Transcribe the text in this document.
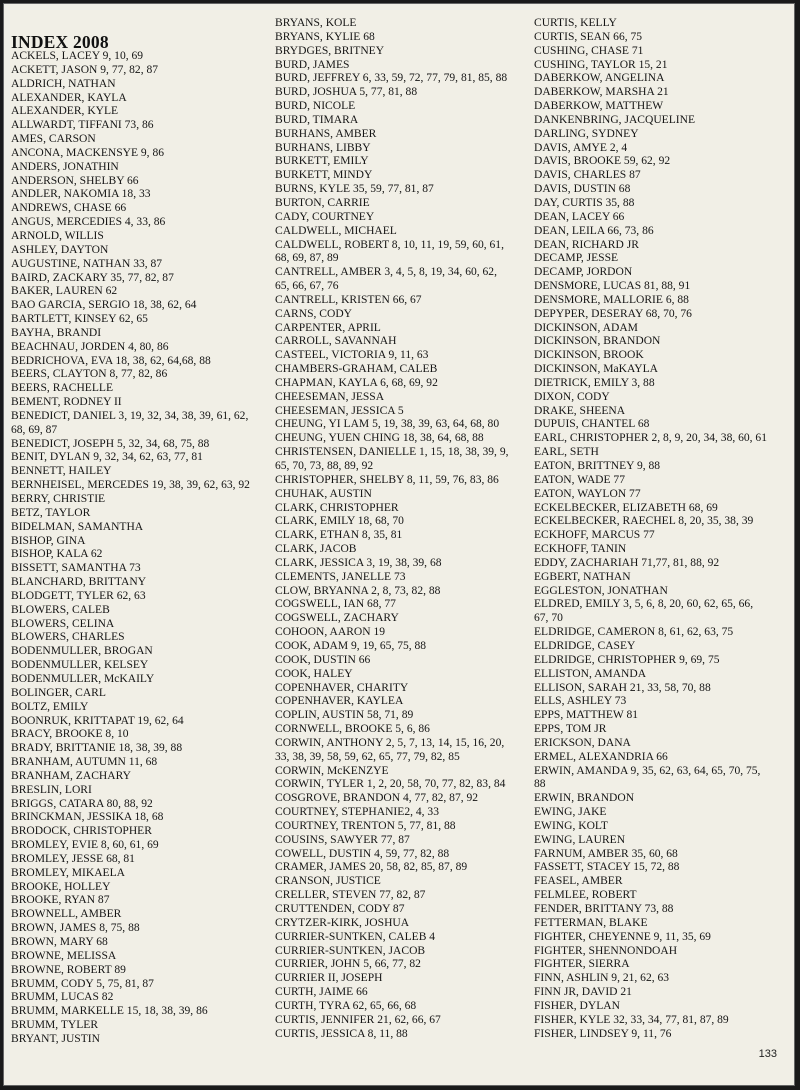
INDEX 2008
ACKELS, LACEY 9, 10, 69
ACKETT, JASON 9, 77, 82, 87
ALDRICH, NATHAN
ALEXANDER, KAYLA
ALEXANDER, KYLE
ALLWARDT, TIFFANI 73, 86
AMES, CARSON
ANCONA, MACKENSYE 9, 86
ANDERS, JONATHIN
ANDERSON, SHELBY 66
ANDLER, NAKOMIA 18, 33
ANDREWS, CHASE 66
ANGUS, MERCEDIES 4, 33, 86
ARNOLD, WILLIS
ASHLEY, DAYTON
AUGUSTINE, NATHAN 33, 87
BAIRD, ZACKARY 35, 77, 82, 87
BAKER, LAUREN 62
BAO GARCIA, SERGIO 18, 38, 62, 64
BARTLETT, KINSEY 62, 65
BAYHA, BRANDI
BEACHNAU, JORDEN 4, 80, 86
BEDRICHOVA, EVA 18, 38, 62, 64,68, 88
BEERS, CLAYTON 8, 77, 82, 86
BEERS, RACHELLE
BEMENT, RODNEY II
BENEDICT, DANIEL 3, 19, 32, 34, 38, 39, 61, 62,
68, 69, 87
BENEDICT, JOSEPH 5, 32, 34, 68, 75, 88
BENIT, DYLAN 9, 32, 34, 62, 63, 77, 81
BENNETT, HAILEY
BERNHEISEL, MERCEDES 19, 38, 39, 62, 63, 92
BERRY, CHRISTIE
BETZ, TAYLOR
BIDELMAN, SAMANTHA
BISHOP, GINA
BISHOP, KALA 62
BISSETT, SAMANTHA 73
BLANCHARD, BRITTANY
BLODGETT, TYLER 62, 63
BLOWERS, CALEB
BLOWERS, CELINA
BLOWERS, CHARLES
BODENMULLER, BROGAN
BODENMULLER, KELSEY
BODENMULLER, McKAILY
BOLINGER, CARL
BOLTZ, EMILY
BOONRUK, KRITTAPAT 19, 62, 64
BRACY, BROOKE 8, 10
BRADY, BRITTANIE 18, 38, 39, 88
BRANHAM, AUTUMN 11, 68
BRANHAM, ZACHARY
BRESLIN, LORI
BRIGGS, CATARA 80, 88, 92
BRINCKMAN, JESSIKA 18, 68
BRODOCK, CHRISTOPHER
BROMLEY, EVIE 8, 60, 61, 69
BROMLEY, JESSE 68, 81
BROMLEY, MIKAELA
BROOKE, HOLLEY
BROOKE, RYAN 87
BROWNELL, AMBER
BROWN, JAMES 8, 75, 88
BROWN, MARY 68
BROWNE, MELISSA
BROWNE, ROBERT 89
BRUMM, CODY 5, 75, 81, 87
BRUMM, LUCAS 82
BRUMM, MARKELLE 15, 18, 38, 39, 86
BRUMM, TYLER
BRYANT, JUSTIN
BRYANS, KOLE
BRYANS, KYLIE 68
BRYDGES, BRITNEY
BURD, JAMES
BURD, JEFFREY 6, 33, 59, 72, 77, 79, 81, 85, 88
BURD, JOSHUA 5, 77, 81, 88
BURD, NICOLE
BURD, TIMARA
BURHANS, AMBER
BURHANS, LIBBY
BURKETT, EMILY
BURKETT, MINDY
BURNS, KYLE 35, 59, 77, 81, 87
BURTON, CARRIE
CADY, COURTNEY
CALDWELL, MICHAEL
CALDWELL, ROBERT 8, 10, 11, 19, 59, 60, 61,
68, 69, 87, 89
CANTRELL, AMBER 3, 4, 5, 8, 19, 34, 60, 62,
65, 66, 67, 76
CANTRELL, KRISTEN 66, 67
CARNS, CODY
CARPENTER, APRIL
CARROLL, SAVANNAH
CASTEEL, VICTORIA 9, 11, 63
CHAMBERS-GRAHAM, CALEB
CHAPMAN, KAYLA 6, 68, 69, 92
CHEESEMAN, JESSA
CHEESEMAN, JESSICA 5
CHEUNG, YI LAM 5, 19, 38, 39, 63, 64, 68, 80
CHEUNG, YUEN CHING 18, 38, 64, 68, 88
CHRISTENSEN, DANIELLE 1, 15, 18, 38, 39, 9,
65, 70, 73, 88, 89, 92
CHRISTOPHER, SHELBY 8, 11, 59, 76, 83, 86
CHUHAK, AUSTIN
CLARK, CHRISTOPHER
CLARK, EMILY 18, 68, 70
CLARK, ETHAN 8, 35, 81
CLARK, JACOB
CLARK, JESSICA 3, 19, 38, 39, 68
CLEMENTS, JANELLE 73
CLOW, BRYANNA 2, 8, 73, 82, 88
COGSWELL, IAN 68, 77
COGSWELL, ZACHARY
COHOON, AARON 19
COOK, ADAM 9, 19, 65, 75, 88
COOK, DUSTIN 66
COOK, HALEY
COPENHAVER, CHARITY
COPENHAVER, KAYLEA
COPLIN, AUSTIN 58, 71, 89
CORNWELL, BROOKE 5, 6, 86
CORWIN, ANTHONY 2, 5, 7, 13, 14, 15, 16, 20,
33, 38, 39, 58, 59, 62, 65, 77, 79, 82, 85
CORWIN, McKENZYE
CORWIN, TYLER 1, 2, 20, 58, 70, 77, 82, 83, 84
COSGROVE, BRANDON 4, 77, 82, 87, 92
COURTNEY, STEPHANIE2, 4, 33
COURTNEY, TRENTON 5, 77, 81, 88
COUSINS, SAWYER 77, 87
COWELL, DUSTIN 4, 59, 77, 82, 88
CRAMER, JAMES 20, 58, 82, 85, 87, 89
CRANSON, JUSTICE
CRELLER, STEVEN 77, 82, 87
CRUTTENDEN, CODY 87
CRYTZER-KIRK, JOSHUA
CURRIER-SUNTKEN, CALEB 4
CURRIER-SUNTKEN, JACOB
CURRIER, JOHN 5, 66, 77, 82
CURRIER II, JOSEPH
CURTH, JAIME 66
CURTH, TYRA 62, 65, 66, 68
CURTIS, JENNIFER 21, 62, 66, 67
CURTIS, JESSICA 8, 11, 88
CURTIS, KELLY
CURTIS, SEAN 66, 75
CUSHING, CHASE 71
CUSHING, TAYLOR 15, 21
DABERKOW, ANGELINA
DABERKOW, MARSHA 21
DABERKOW, MATTHEW
DANKENBRING, JACQUELINE
DARLING, SYDNEY
DAVIS, AMYE 2, 4
DAVIS, BROOKE 59, 62, 92
DAVIS, CHARLES 87
DAVIS, DUSTIN 68
DAY, CURTIS 35, 88
DEAN, LACEY 66
DEAN, LEILA 66, 73, 86
DEAN, RICHARD JR
DECAMP, JESSE
DECAMP, JORDON
DENSMORE, LUCAS 81, 88, 91
DENSMORE, MALLORIE 6, 88
DEPYPER, DESERAY 68, 70, 76
DICKINSON, ADAM
DICKINSON, BRANDON
DICKINSON, BROOK
DICKINSON, MaKAYLA
DIETRICK, EMILY 3, 88
DIXON, CODY
DRAKE, SHEENA
DUPUIS, CHANTEL 68
EARL, CHRISTOPHER 2, 8, 9, 20, 34, 38, 60, 61
EARL, SETH
EATON, BRITTNEY 9, 88
EATON, WADE 77
EATON, WAYLON 77
ECKELBECKER, ELIZABETH 68, 69
ECKELBECKER, RAECHEL 8, 20, 35, 38, 39
ECKHOFF, MARCUS 77
ECKHOFF, TANIN
EDDY, ZACHARIAH 71,77, 81, 88, 92
EGBERT, NATHAN
EGGLESTON, JONATHAN
ELDRED, EMILY 3, 5, 6, 8, 20, 60, 62, 65, 66,
67, 70
ELDRIDGE, CAMERON 8, 61, 62, 63, 75
ELDRIDGE, CASEY
ELDRIDGE, CHRISTOPHER 9, 69, 75
ELLISTON, AMANDA
ELLISON, SARAH 21, 33, 58, 70, 88
ELLS, ASHLEY 73
EPPS, MATTHEW 81
EPPS, TOM JR
ERICKSON, DANA
ERMEL, ALEXANDRIA 66
ERWIN, AMANDA 9, 35, 62, 63, 64, 65, 70, 75,
88
ERWIN, BRANDON
EWING, JAKE
EWING, KOLT
EWING, LAUREN
FARNUM, AMBER 35, 60, 68
FASSETT, STACEY 15, 72, 88
FEASEL, AMBER
FELMLEE, ROBERT
FENDER, BRITTANY 73, 88
FETTERMAN, BLAKE
FIGHTER, CHEYENNE 9, 11, 35, 69
FIGHTER, SHENNONDOAH
FIGHTER, SIERRA
FINN, ASHLIN 9, 21, 62, 63
FINN JR, DAVID 21
FISHER, DYLAN
FISHER, KYLE 32, 33, 34, 77, 81, 87, 89
FISHER, LINDSEY 9, 11, 76
133
